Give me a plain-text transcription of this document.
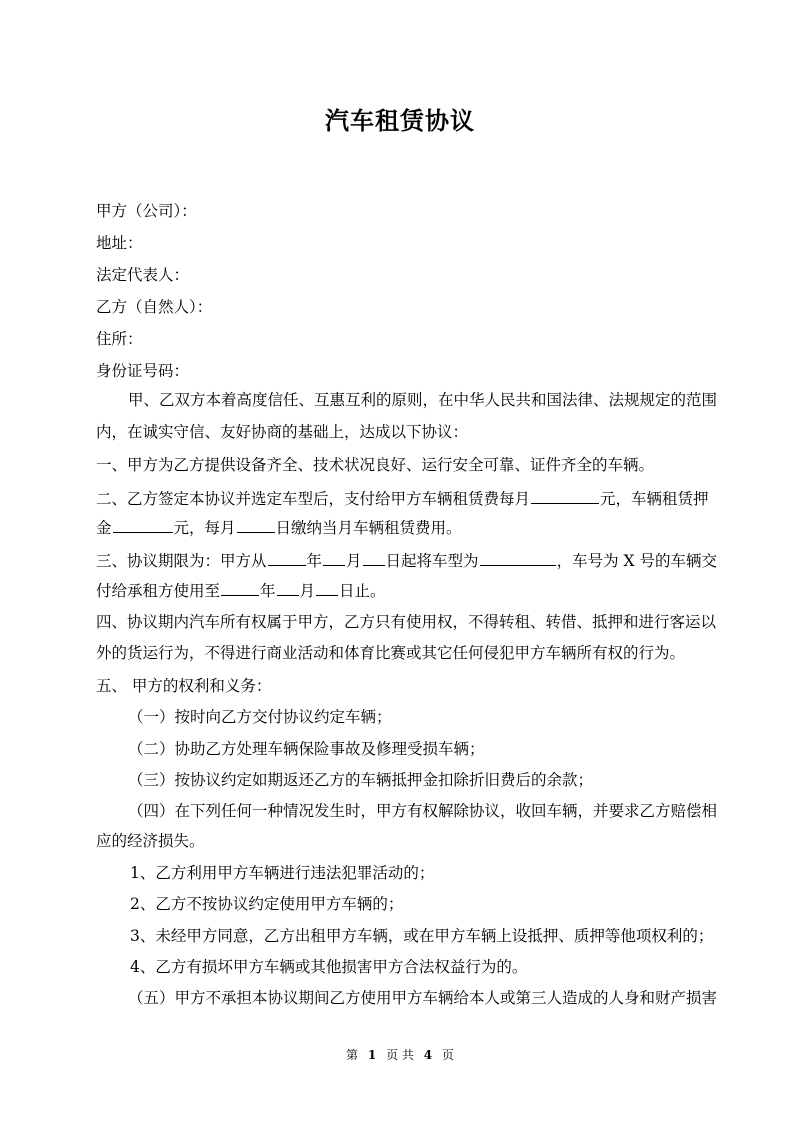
汽车租赁协议
甲方（公司）：
地址：
法定代表人：
乙方（自然人）：
住所：
身份证号码：
甲、乙双方本着高度信任、互惠互利的原则，在中华人民共和国法律、法规规定的范围
内，在诚实守信、友好协商的基础上，达成以下协议：
一、甲方为乙方提供设备齐全、技术状况良好、运行安全可靠、证件齐全的车辆。
二、乙方签定本协议并选定车型后，支付给甲方车辆租赁费每月	元，车辆租赁押
金	元，每月	日缴纳当月车辆租赁费用。
三、协议期限为：甲方从	年 月 日起将车型为	，车号为 X 号的车辆交
付给承租方使用至	年 月 日止。
四、协议期内汽车所有权属于甲方，乙方只有使用权，不得转租、转借、抵押和进行客运以
外的货运行为，不得进行商业活动和体育比赛或其它任何侵犯甲方车辆所有权的行为。
五、 甲方的权利和义务：
（一）按时向乙方交付协议约定车辆；
（二）协助乙方处理车辆保险事故及修理受损车辆；
（三）按协议约定如期返还乙方的车辆抵押金扣除折旧费后的余款；
（四）在下列任何一种情况发生时，甲方有权解除协议，收回车辆，并要求乙方赔偿相
应的经济损失。
1、乙方利用甲方车辆进行违法犯罪活动的；
2、乙方不按协议约定使用甲方车辆的；
3、未经甲方同意，乙方出租甲方车辆，或在甲方车辆上设抵押、质押等他项权利的；
4、乙方有损坏甲方车辆或其他损害甲方合法权益行为的。
（五）甲方不承担本协议期间乙方使用甲方车辆给本人或第三人造成的人身和财产损害
第 1 页 共 4 页
